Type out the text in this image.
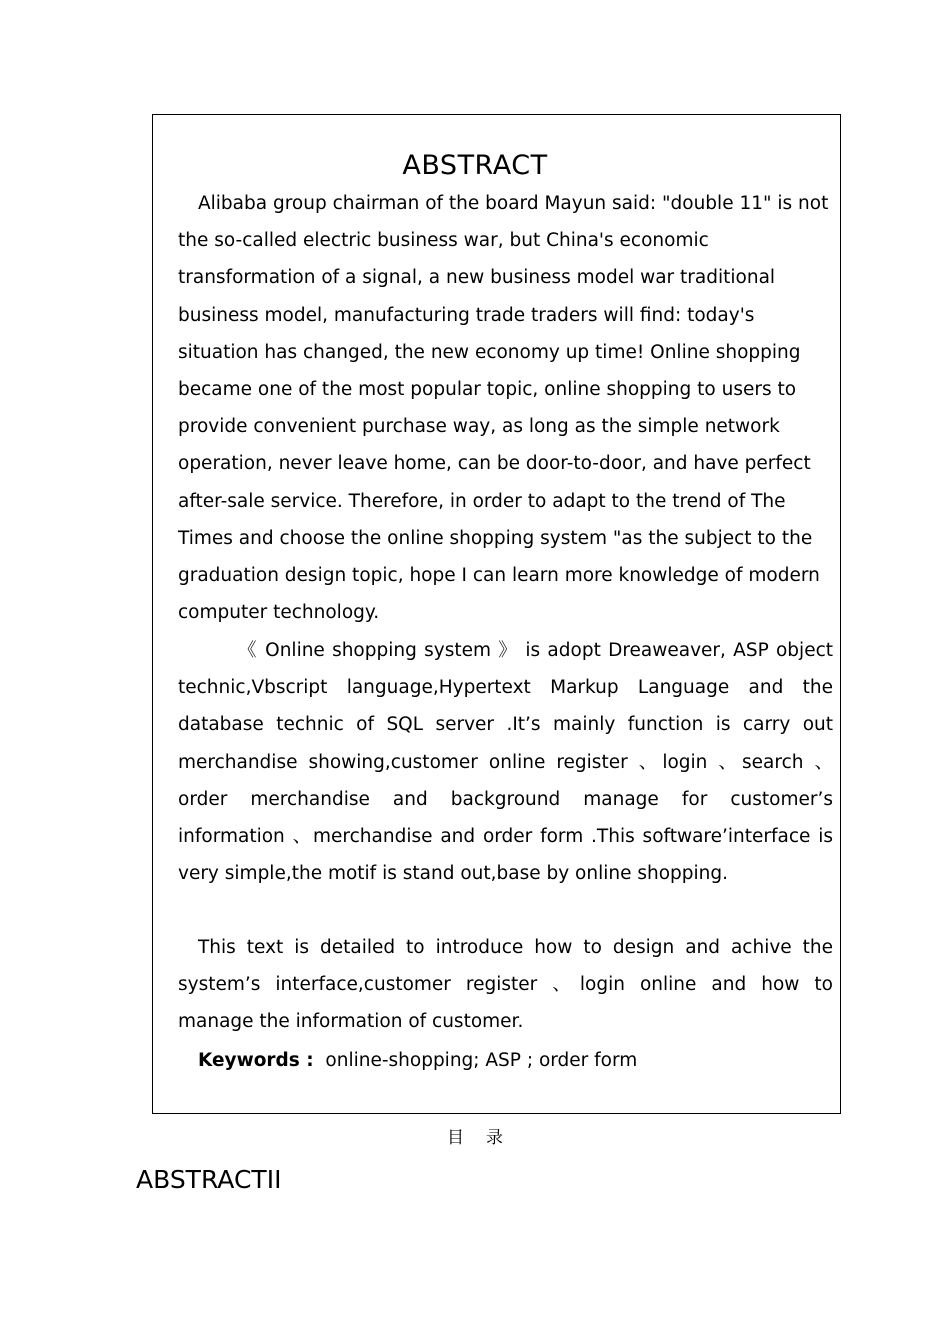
ABSTRACT
Alibaba group chairman of the board Mayun said: "double 11" is not the so-called electric business war, but China's economic transformation of a signal, a new business model war traditional business model, manufacturing trade traders will find: today's situation has changed, the new economy up time! Online shopping became one of the most popular topic, online shopping to users to provide convenient purchase way, as long as the simple network operation, never leave home, can be door-to-door, and have perfect after-sale service. Therefore, in order to adapt to the trend of The Times and choose the online shopping system "as the subject to the graduation design topic, hope I can learn more knowledge of modern computer technology.
《 Online shopping system 》 is adopt Dreaweaver, ASP object technic,Vbscript language,Hypertext Markup Language and the database technic of SQL server .It’s mainly function is carry out merchandise showing,customer online register 、login 、search 、order merchandise and background manage for customer’s information 、merchandise and order form .This software’interface is very simple,the motif is stand out,base by online shopping.
This text is detailed to introduce how to design and achive the system’s interface,customer register 、login online and how to manage the information of customer.
Keywords : online-shopping; ASP ; order form
目录
ABSTRACTII
